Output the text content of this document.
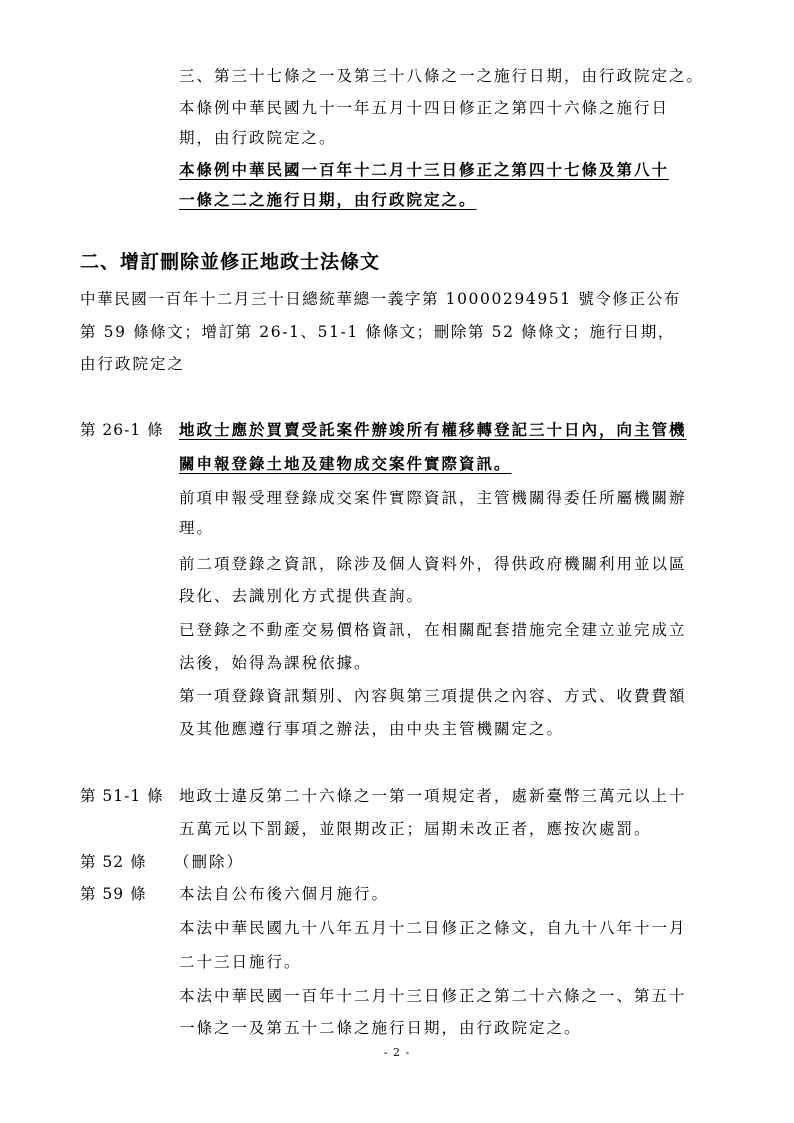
三、第三十七條之一及第三十八條之一之施行日期，由行政院定之。
本條例中華民國九十一年五月十四日修正之第四十六條之施行日
期，由行政院定之。
本條例中華民國一百年十二月十三日修正之第四十七條及第八十
一條之二之施行日期，由行政院定之。
二、增訂刪除並修正地政士法條文
中華民國一百年十二月三十日總統華總一義字第 10000294951 號令修正公布
第 59 條條文；增訂第 26-1、51-1 條條文；刪除第 52 條條文；施行日期，
由行政院定之
第 26-1 條 地政士應於買賣受託案件辦竣所有權移轉登記三十日內，向主管機
關申報登錄土地及建物成交案件實際資訊。
前項申報受理登錄成交案件實際資訊，主管機關得委任所屬機關辦
理。
前二項登錄之資訊，除涉及個人資料外，得供政府機關利用並以區
段化、去識別化方式提供查詢。
已登錄之不動產交易價格資訊，在相關配套措施完全建立並完成立
法後，始得為課稅依據。
第一項登錄資訊類別、內容與第三項提供之內容、方式、收費費額
及其他應遵行事項之辦法，由中央主管機關定之。
第 51-1 條 地政士違反第二十六條之一第一項規定者，處新臺幣三萬元以上十
五萬元以下罰鍰，並限期改正；屆期未改正者，應按次處罰。
第 52 條 （刪除）
第 59 條 本法自公布後六個月施行。
本法中華民國九十八年五月十二日修正之條文，自九十八年十一月
二十三日施行。
本法中華民國一百年十二月十三日修正之第二十六條之一、第五十
一條之一及第五十二條之施行日期，由行政院定之。
- 2 -
